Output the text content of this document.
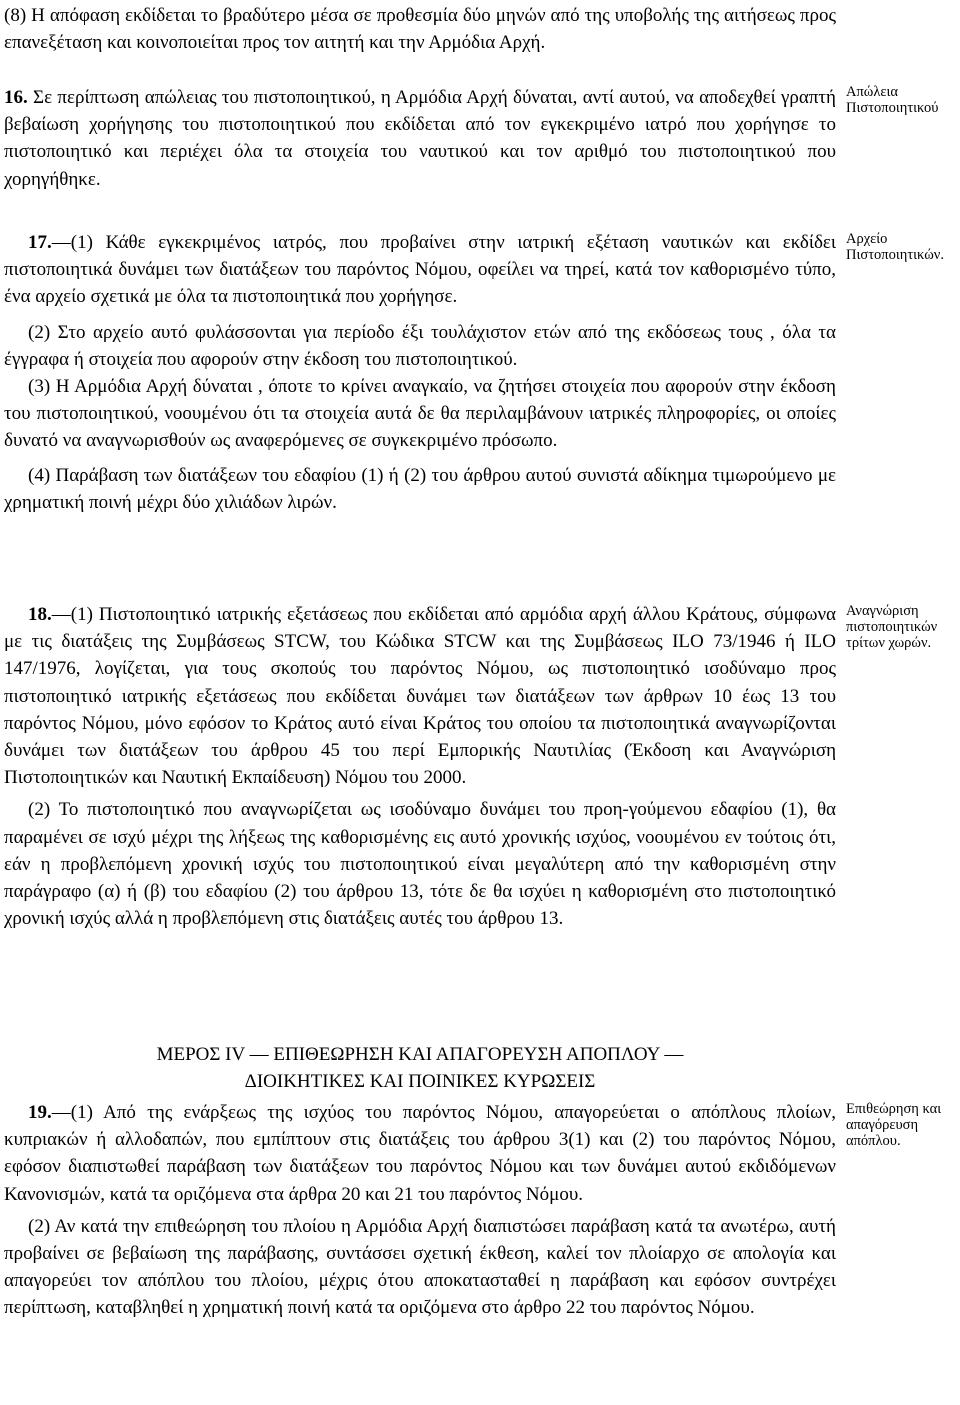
(8) Η απόφαση εκδίδεται το βραδύτερο μέσα σε προθεσμία δύο μηνών από της υποβολής της αιτήσεως προς επανεξέταση και κοινοποιείται προς τον αιτητή και την Αρμόδια Αρχή.

16. Σε περίπτωση απώλειας του πιστοποιητικού, η Αρμόδια Αρχή δύναται, αντί αυτού, να αποδεχθεί γραπτή βεβαίωση χορήγησης του πιστοποιητικού που εκδίδεται από τον εγκεκριμένο ιατρό που χορήγησε το πιστοποιητικό και περιέχει όλα τα στοιχεία του ναυτικού και τον αριθμό του πιστοποιητικού που χορηγήθηκε.

Απώλεια Πιστοποιητικού

17.—(1) Κάθε εγκεκριμένος ιατρός, που προβαίνει στην ιατρική εξέταση ναυτικών και εκδίδει πιστοποιητικά δυνάμει των διατάξεων του παρόντος Νόμου, οφείλει να τηρεί, κατά τον καθορισμένο τύπο, ένα αρχείο σχετικά με όλα τα πιστοποιητικά που χορήγησε.

(2) Στο αρχείο αυτό φυλάσσονται για περίοδο έξι τουλάχιστον ετών από της εκδόσεως τους , όλα τα έγγραφα ή στοιχεία που αφορούν στην έκδοση του πιστοποιητικού.

(3) Η Αρμόδια Αρχή δύναται , όποτε το κρίνει αναγκαίο, να ζητήσει στοιχεία που αφορούν στην έκδοση του πιστοποιητικού, νοουμένου ότι τα στοιχεία αυτά δε θα περιλαμβάνουν ιατρικές πληροφορίες, οι οποίες δυνατό να αναγνωρισθούν ως αναφερόμενες σε συγκεκριμένο πρόσωπο.

(4) Παράβαση των διατάξεων του εδαφίου (1) ή (2) του άρθρου αυτού συνιστά αδίκημα τιμωρούμενο με χρηματική ποινή μέχρι δύο χιλιάδων λιρών.

Αρχείο Πιστοποιητικών.

18.—(1) Πιστοποιητικό ιατρικής εξετάσεως που εκδίδεται από αρμόδια αρχή άλλου Κράτους, σύμφωνα με τις διατάξεις της Συμβάσεως STCW, του Κώδικα STCW και της Συμβάσεως ILO 73/1946 ή ILO 147/1976, λογίζεται, για τους σκοπούς του παρόντος Νόμου, ως πιστοποιητικό ισοδύναμο προς πιστοποιητικό ιατρικής εξετάσεως που εκδίδεται δυνάμει των διατάξεων των άρθρων 10 έως 13 του παρόντος Νόμου, μόνο εφόσον το Κράτος αυτό είναι Κράτος του οποίου τα πιστοποιητικά αναγνωρίζονται δυνάμει των διατάξεων του άρθρου 45 του περί Εμπορικής Ναυτιλίας (Έκδοση και Αναγνώριση Πιστοποιητικών και Ναυτική Εκπαίδευση) Νόμου του 2000.

(2) Το πιστοποιητικό που αναγνωρίζεται ως ισοδύναμο δυνάμει του προη-γούμενου εδαφίου (1), θα παραμένει σε ισχύ μέχρι της λήξεως της καθορισμένης εις αυτό χρονικής ισχύος, νοουμένου εν τούτοις ότι, εάν η προβλεπόμενη χρονική ισχύς του πιστοποιητικού είναι μεγαλύτερη από την καθορισμένη στην παράγραφο (α) ή (β) του εδαφίου (2) του άρθρου 13, τότε δε θα ισχύει η καθορισμένη στο πιστοποιητικό χρονική ισχύς αλλά η προβλεπόμενη στις διατάξεις αυτές του άρθρου 13.

Αναγνώριση πιστοποιητικών τρίτων χωρών.
ΜΕΡΟΣ IV — ΕΠΙΘΕΩΡΗΣΗ ΚΑΙ ΑΠΑΓΟΡΕΥΣΗ ΑΠΟΠΛΟΥ —
ΔΙΟΙΚΗΤΙΚΕΣ ΚΑΙ ΠΟΙΝΙΚΕΣ ΚΥΡΩΣΕΙΣ

19.—(1) Από της ενάρξεως της ισχύος του παρόντος Νόμου, απαγορεύεται ο απόπλους πλοίων, κυπριακών ή αλλοδαπών, που εμπίπτουν στις διατάξεις του άρθρου 3(1) και (2) του παρόντος Νόμου, εφόσον διαπιστωθεί παράβαση των διατάξεων του παρόντος Νόμου και των δυνάμει αυτού εκδιδόμενων Κανονισμών, κατά τα οριζόμενα στα άρθρα 20 και 21 του παρόντος Νόμου.

(2) Αν κατά την επιθεώρηση του πλοίου η Αρμόδια Αρχή διαπιστώσει παράβαση κατά τα ανωτέρω, αυτή προβαίνει σε βεβαίωση της παράβασης, συντάσσει σχετική έκθεση, καλεί τον πλοίαρχο σε απολογία και απαγορεύει τον απόπλου του πλοίου, μέχρις ότου αποκατασταθεί η παράβαση και εφόσον συντρέχει περίπτωση, καταβληθεί η χρηματική ποινή κατά τα οριζόμενα στο άρθρο 22 του παρόντος Νόμου.

Επιθεώρηση και απαγόρευση απόπλου.
